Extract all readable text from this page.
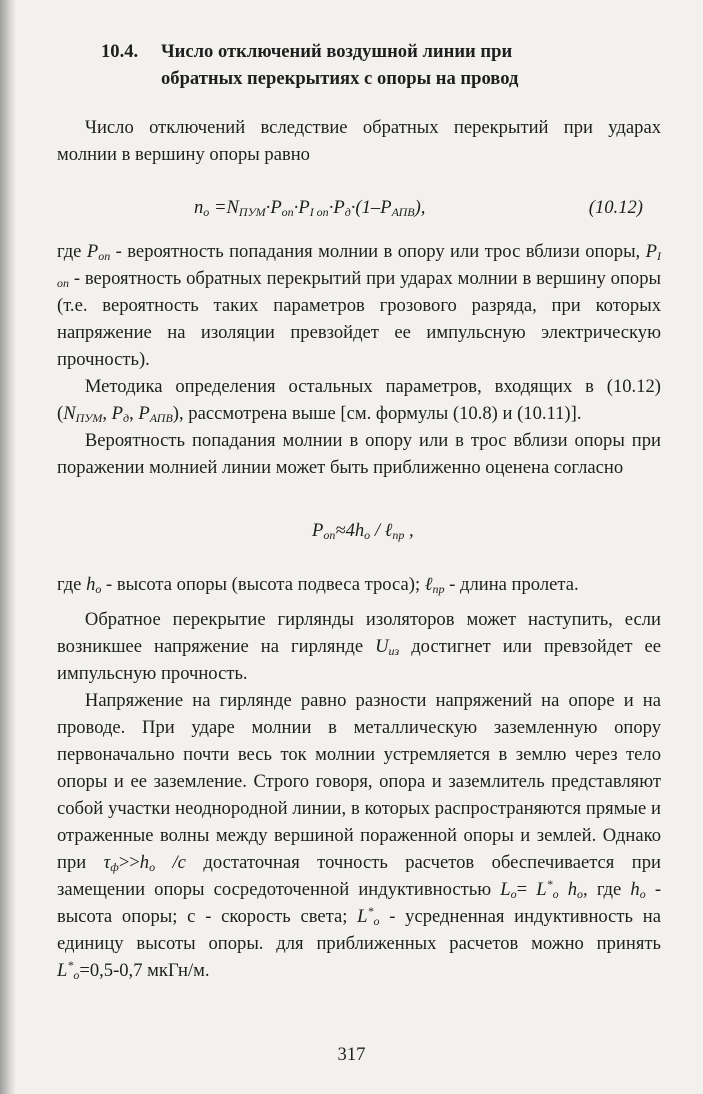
10.4.	Число отключений воздушной линии при
обратных перекрытиях с опоры на провод

Число отключений вследствие обратных перекрытий при ударах молнии в вершину опоры равно

$n_о =N_{ПУМ}\cdot P_{оп}\cdot P_{I оп}\cdot P_д\cdot(1-P_{АПВ})$,	(10.12)

где $P_{оп}$ - вероятность попадания молнии в опору или трос вблизи опоры, $P_{I оп}$ - вероятность обратных перекрытий при ударах молнии в вершину опоры (т.е. вероятность таких параметров грозового разряда, при которых напряжение на изоляции превзойдет ее импульсную электрическую прочность).

Методика определения остальных параметров, входящих в (10.12) ($N_{ПУМ}$, $P_д$, $P_{АПВ}$), рассмотрена выше [см. формулы (10.8) и (10.11)].

Вероятность попадания молнии в опору или в трос вблизи опоры при поражении молнией линии может быть приближенно оценена согласно

$P_{оп}\approx 4h_о$ / ℓ$_{пр}$ ,

где $h_о$ - высота опоры (высота подвеса троса); ℓ$_{пр}$ - длина пролета.

Обратное перекрытие гирлянды изоляторов может наступить, если возникшее напряжение на гирлянде $U_{из}$ достигнет или превзойдет ее импульсную прочность.

Напряжение на гирлянде равно разности напряжений на опоре и на проводе. При ударе молнии в металлическую заземленную опору первоначально почти весь ток молнии устремляется в землю через тело опоры и ее заземление. Строго говоря, опора и заземлитель представляют собой участки неоднородной линии, в которых распространяются прямые и отраженные волны между вершиной пораженной опоры и землей. Однако при $\tau_ф>>h_о$ /c достаточная точность расчетов обеспечивается при замещении опоры сосредоточенной индуктивностью $L_о= L^*_о$ $h_о$, где $h_о$ - высота опоры; с - скорость света; $L^*_о$ - усредненная индуктивность на единицу высоты опоры. для приближенных расчетов можно принять $L^*_о=0,5-0,7$ мкГн/м.

317
